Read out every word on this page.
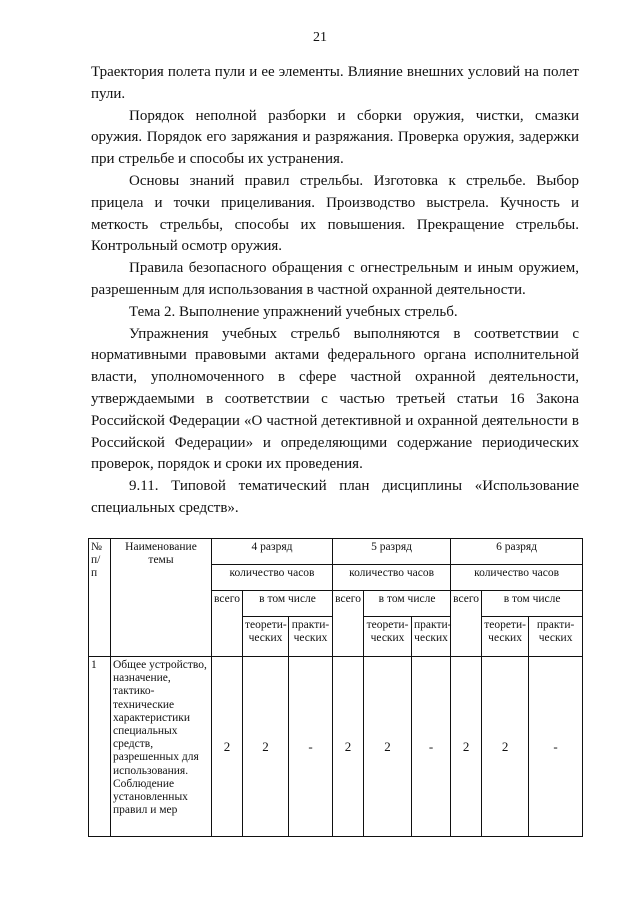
21

Траектория полета пули и ее элементы. Влияние внешних условий на полет пули.

Порядок неполной разборки и сборки оружия, чистки, смазки оружия. Порядок его заряжания и разряжания. Проверка оружия, задержки при стрельбе и способы их устранения.

Основы знаний правил стрельбы. Изготовка к стрельбе. Выбор прицела и точки прицеливания. Производство выстрела. Кучность и меткость стрельбы, способы их повышения. Прекращение стрельбы. Контрольный осмотр оружия.

Правила безопасного обращения с огнестрельным и иным оружием, разрешенным для использования в частной охранной деятельности.

Тема 2. Выполнение упражнений учебных стрельб.

Упражнения учебных стрельб выполняются в соответствии с нормативными правовыми актами федерального органа исполнительной власти, уполномоченного в сфере частной охранной деятельности, утверждаемыми в соответствии с частью третьей статьи 16 Закона Российской Федерации «О частной детективной и охранной деятельности в Российской Федерации» и определяющими содержание периодических проверок, порядок и сроки их проведения.

9.11. Типовой тематический план дисциплины «Использование специальных средств».

№ п/ п	Наименование темы	4 разряд			5 разряд			6 разряд		
		количество часов			количество часов			количество часов		
		всего	в том числе		всего	в том числе		всего	в том числе	
			теорети-ческих	практи-ческих		теорети-ческих	практи-ческих		теорети-ческих	практи-ческих
1	Общее устройство, назначение, тактико-технические характеристики специальных средств, разрешенных для использования. Соблюдение установленных правил и мер	2	2	-	2	2	-	2	2	-
